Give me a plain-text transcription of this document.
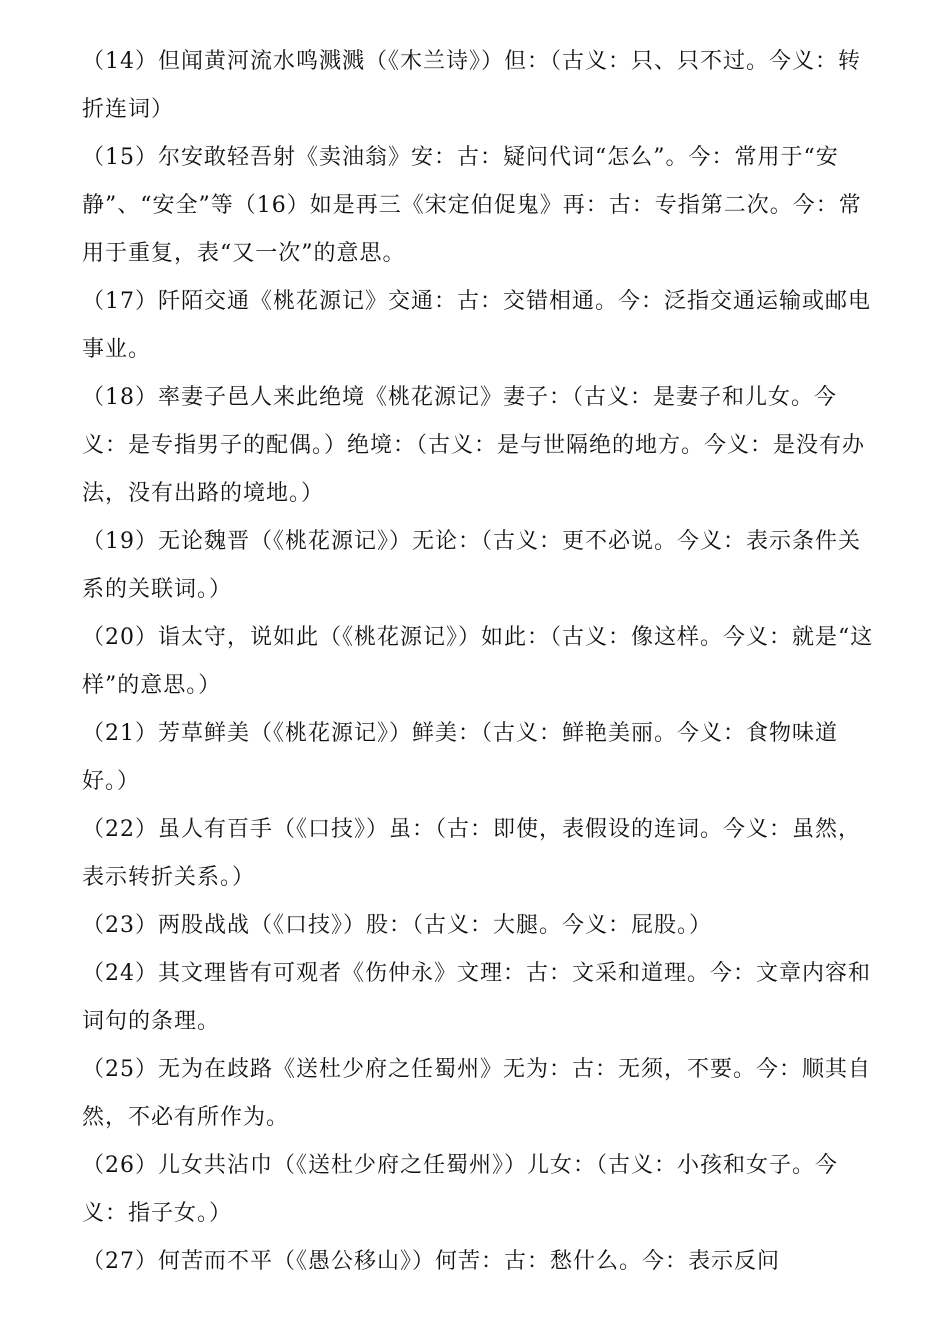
（14）但闻黄河流水鸣溅溅（《木兰诗》）但：（古义：只、只不过。今义：转折连词）

（15）尔安敢轻吾射《卖油翁》安：古：疑问代词“怎么”。今：常用于“安静”、“安全”等（16）如是再三《宋定伯促鬼》再：古：专指第二次。今：常用于重复，表“又一次”的意思。

（17）阡陌交通《桃花源记》交通：古：交错相通。今：泛指交通运输或邮电事业。

（18）率妻子邑人来此绝境《桃花源记》妻子：（古义：是妻子和儿女。今义：是专指男子的配偶。）绝境：（古义：是与世隔绝的地方。今义：是没有办法，没有出路的境地。）

（19）无论魏晋（《桃花源记》）无论：（古义：更不必说。今义：表示条件关系的关联词。）

（20）诣太守，说如此（《桃花源记》）如此：（古义：像这样。今义：就是“这样”的意思。）

（21）芳草鲜美（《桃花源记》）鲜美：（古义：鲜艳美丽。今义：食物味道好。）

（22）虽人有百手（《口技》）虽：（古：即使，表假设的连词。今义：虽然，表示转折关系。）

（23）两股战战（《口技》）股：（古义：大腿。今义：屁股。）

（24）其文理皆有可观者《伤仲永》文理：古：文采和道理。今：文章内容和词句的条理。

（25）无为在歧路《送杜少府之任蜀州》无为：古：无须，不要。今：顺其自然，不必有所作为。

（26）儿女共沾巾（《送杜少府之任蜀州》）儿女：（古义：小孩和女子。今义：指子女。）

（27）何苦而不平（《愚公移山》）何苦：古：愁什么。今：表示反问
